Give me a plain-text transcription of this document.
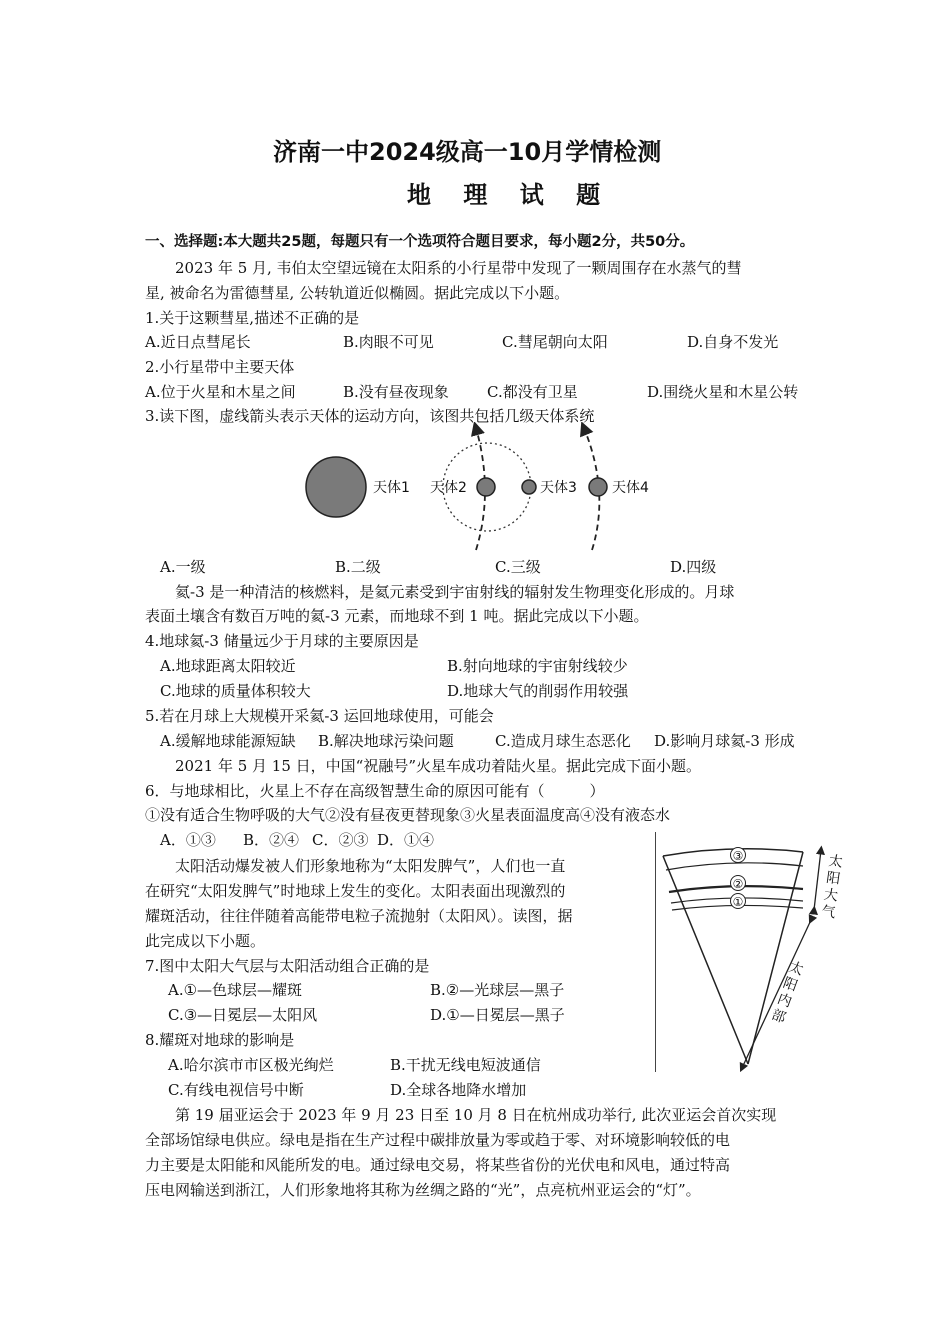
济南一中2024级高一10月学情检测
地 理 试 题
一、选择题:本大题共25题，每题只有一个选项符合题目要求，每小题2分，共50分。
2023 年 5 月, 韦伯太空望远镜在太阳系的小行星带中发现了一颗周围存在水蒸气的彗
星, 被命名为雷德彗星, 公转轨道近似椭圆。据此完成以下小题。
1.关于这颗彗星,描述不正确的是
A.近日点彗尾长	B.肉眼不可见	C.彗尾朝向太阳	D.自身不发光
2.小行星带中主要天体
A.位于火星和木星之间	B.没有昼夜现象	C.都没有卫星	D.围绕火星和木星公转
3.读下图，虚线箭头表示天体的运动方向，该图共包括几级天体系统
天体1 天体2	天体3	天体4
A.一级	B.二级	C.三级	D.四级
氦-3 是一种清洁的核燃料，是氦元素受到宇宙射线的辐射发生物理变化形成的。月球
表面土壤含有数百万吨的氦-3 元素，而地球不到 1 吨。据此完成以下小题。
4.地球氦-3 储量远少于月球的主要原因是
A.地球距离太阳较近	B.射向地球的宇宙射线较少
C.地球的质量体积较大	D.地球大气的削弱作用较强
5.若在月球上大规模开采氦-3 运回地球使用，可能会
A.缓解地球能源短缺 B.解决地球污染问题	C.造成月球生态恶化 D.影响月球氦-3 形成
2021 年 5 月 15 日，中国“祝融号”火星车成功着陆火星。据此完成下面小题。
6．与地球相比，火星上不存在高级智慧生命的原因可能有（　　　）
①没有适合生物呼吸的大气②没有昼夜更替现象③火星表面温度高④没有液态水
A．①③ B．②④ C．②③ D．①④
太阳活动爆发被人们形象地称为“太阳发脾气”，人们也一直
在研究“太阳发脾气”时地球上发生的变化。太阳表面出现激烈的
耀斑活动，往往伴随着高能带电粒子流抛射（太阳风）。读图，据
此完成以下小题。
③
②
①
太阳大气
太阳内部
7.图中太阳大气层与太阳活动组合正确的是
A.①—色球层—耀斑	B.②—光球层—黑子
C.③—日冕层—太阳风	D.①—日冕层—黑子
8.耀斑对地球的影响是
A.哈尔滨市市区极光绚烂	B.干扰无线电短波通信
C.有线电视信号中断	D.全球各地降水增加
第 19 届亚运会于 2023 年 9 月 23 日至 10 月 8 日在杭州成功举行, 此次亚运会首次实现
全部场馆绿电供应。绿电是指在生产过程中碳排放量为零或趋于零、对环境影响较低的电
力主要是太阳能和风能所发的电。通过绿电交易，将某些省份的光伏电和风电，通过特高
压电网输送到浙江，人们形象地将其称为丝绸之路的“光”，点亮杭州亚运会的“灯”。
